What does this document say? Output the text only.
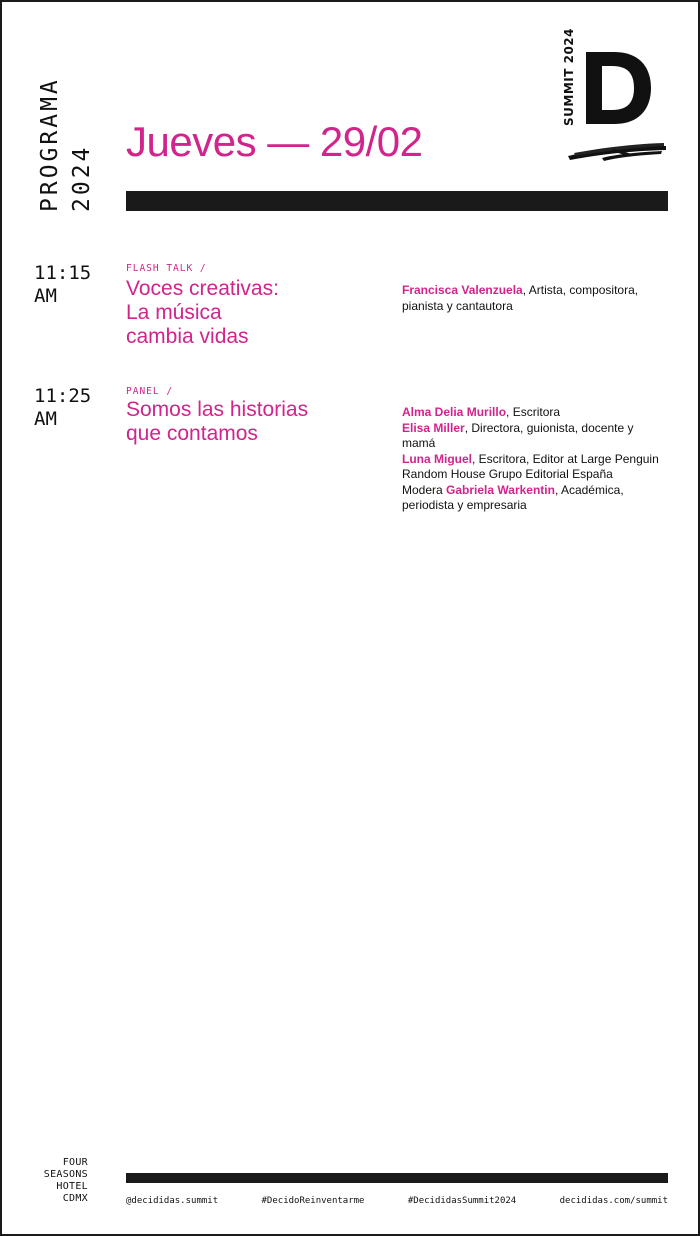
PROGRAMA 2024
Jueves — 29/02
SUMMIT 2024
11:15
AM
FLASH TALK /
Voces creativas:
La música
cambia vidas
Francisca Valenzuela, Artista, compositora,
pianista y cantautora
11:25
AM
PANEL /
Somos las historias
que contamos
Alma Delia Murillo, Escritora
Elisa Miller, Directora, guionista, docente y mamá
Luna Miguel, Escritora, Editor at Large Penguin
Random House Grupo Editorial España
Modera Gabriela Warkentin, Académica,
periodista y empresaria
FOUR
SEASONS
HOTEL
CDMX	@decididas.summit	#DecidoReinventarme	#DecididasSummit2024	decididas.com/summit
